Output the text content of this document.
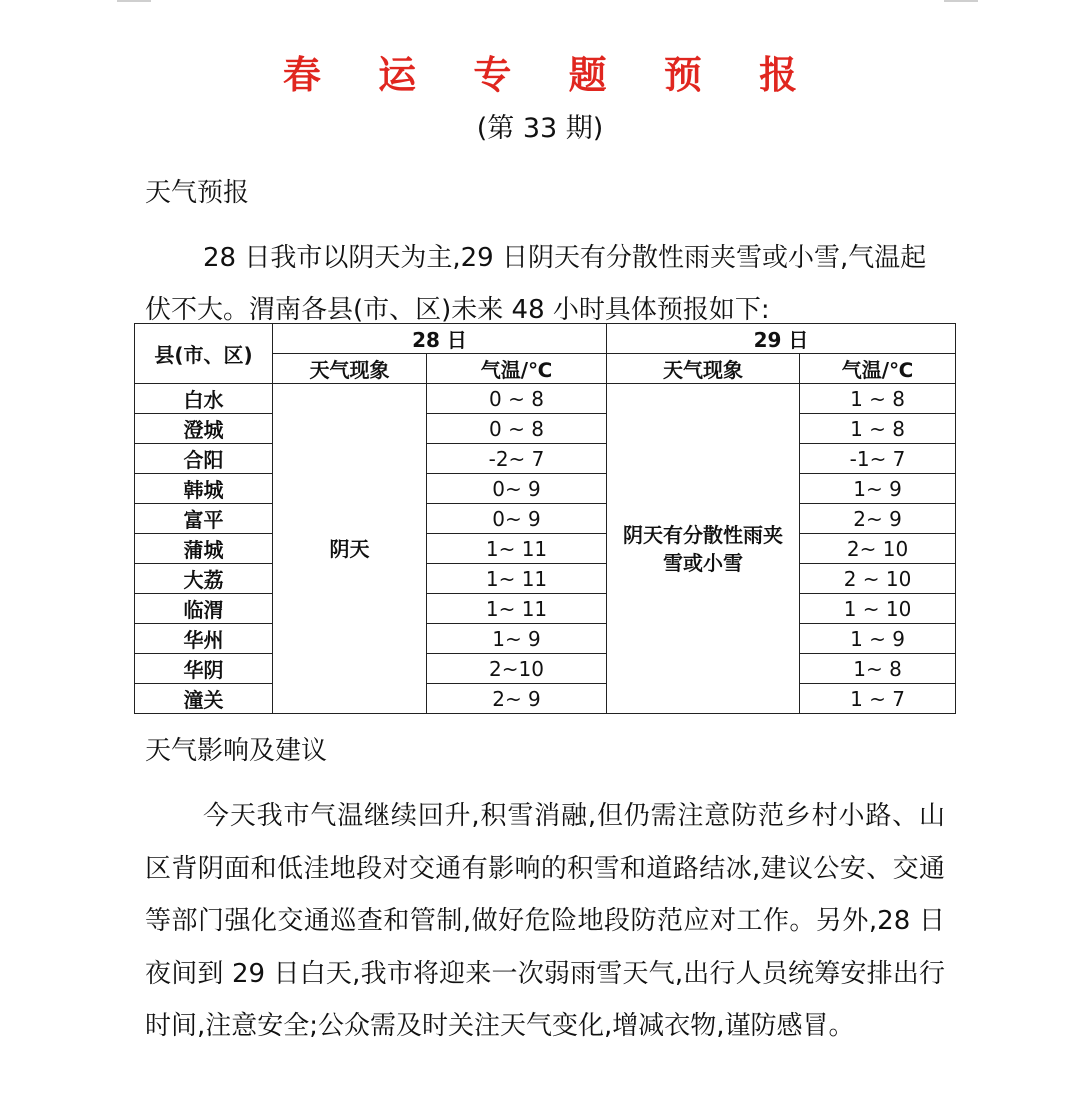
春 运 专 题 预 报
(第 33 期)
天气预报

28 日我市以阴天为主,29 日阴天有分散性雨夹雪或小雪,气温起伏不大。渭南各县(市、区)未来 48 小时具体预报如下:

县(市、区)	28 日		29 日	
	天气现象	气温/℃	天气现象	气温/℃
白水	阴天	0 ~ 8	阴天有分散性雨夹雪或小雪	1 ~ 8
澄城		0 ~ 8		1 ~ 8
合阳		-2~ 7		-1~ 7
韩城		0~ 9		1~ 9
富平		0~ 9		2~ 9
蒲城		1~ 11		2~ 10
大荔		1~ 11		2 ~ 10
临渭		1~ 11		1 ~ 10
华州		1~ 9		1 ~ 9
华阴		2~10		1~ 8
潼关		2~ 9		1 ~ 7
天气影响及建议

今天我市气温继续回升,积雪消融,但仍需注意防范乡村小路、山区背阴面和低洼地段对交通有影响的积雪和道路结冰,建议公安、交通等部门强化交通巡查和管制,做好危险地段防范应对工作。另外,28 日夜间到 29 日白天,我市将迎来一次弱雨雪天气,出行人员统筹安排出行时间,注意安全;公众需及时关注天气变化,增减衣物,谨防感冒。
